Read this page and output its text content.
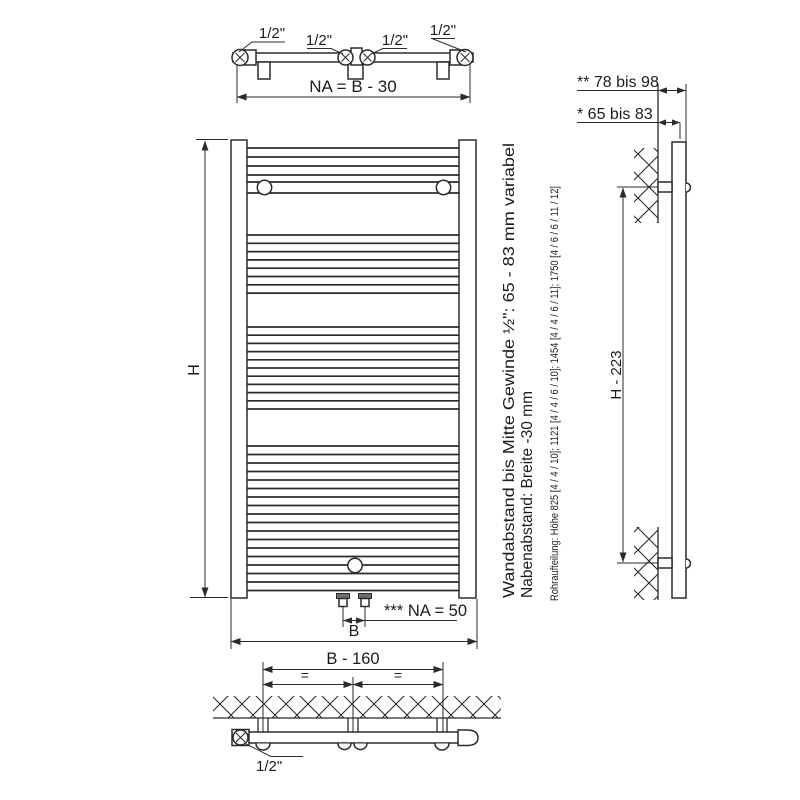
1/2" 1/2"	1/2"
1/2"
NA = B - 30
H
*** NA = 50
B
B - 160
=	=
1/2"
** 78 bis 98
* 65 bis 83
H - 223
Wandabstand bis Mitte Gewinde ½": 65 - 83 mm variabel Nabenabstand: Breite -30 mm Rohraufteilung: Höhe 825 [4 / 4 / 10]; 1121 [4 / 4 / 6 / 10]; 1454 [4 / 4 / 6 / 11]; 1750 [4 / 6 / 6 / 11 / 12]
